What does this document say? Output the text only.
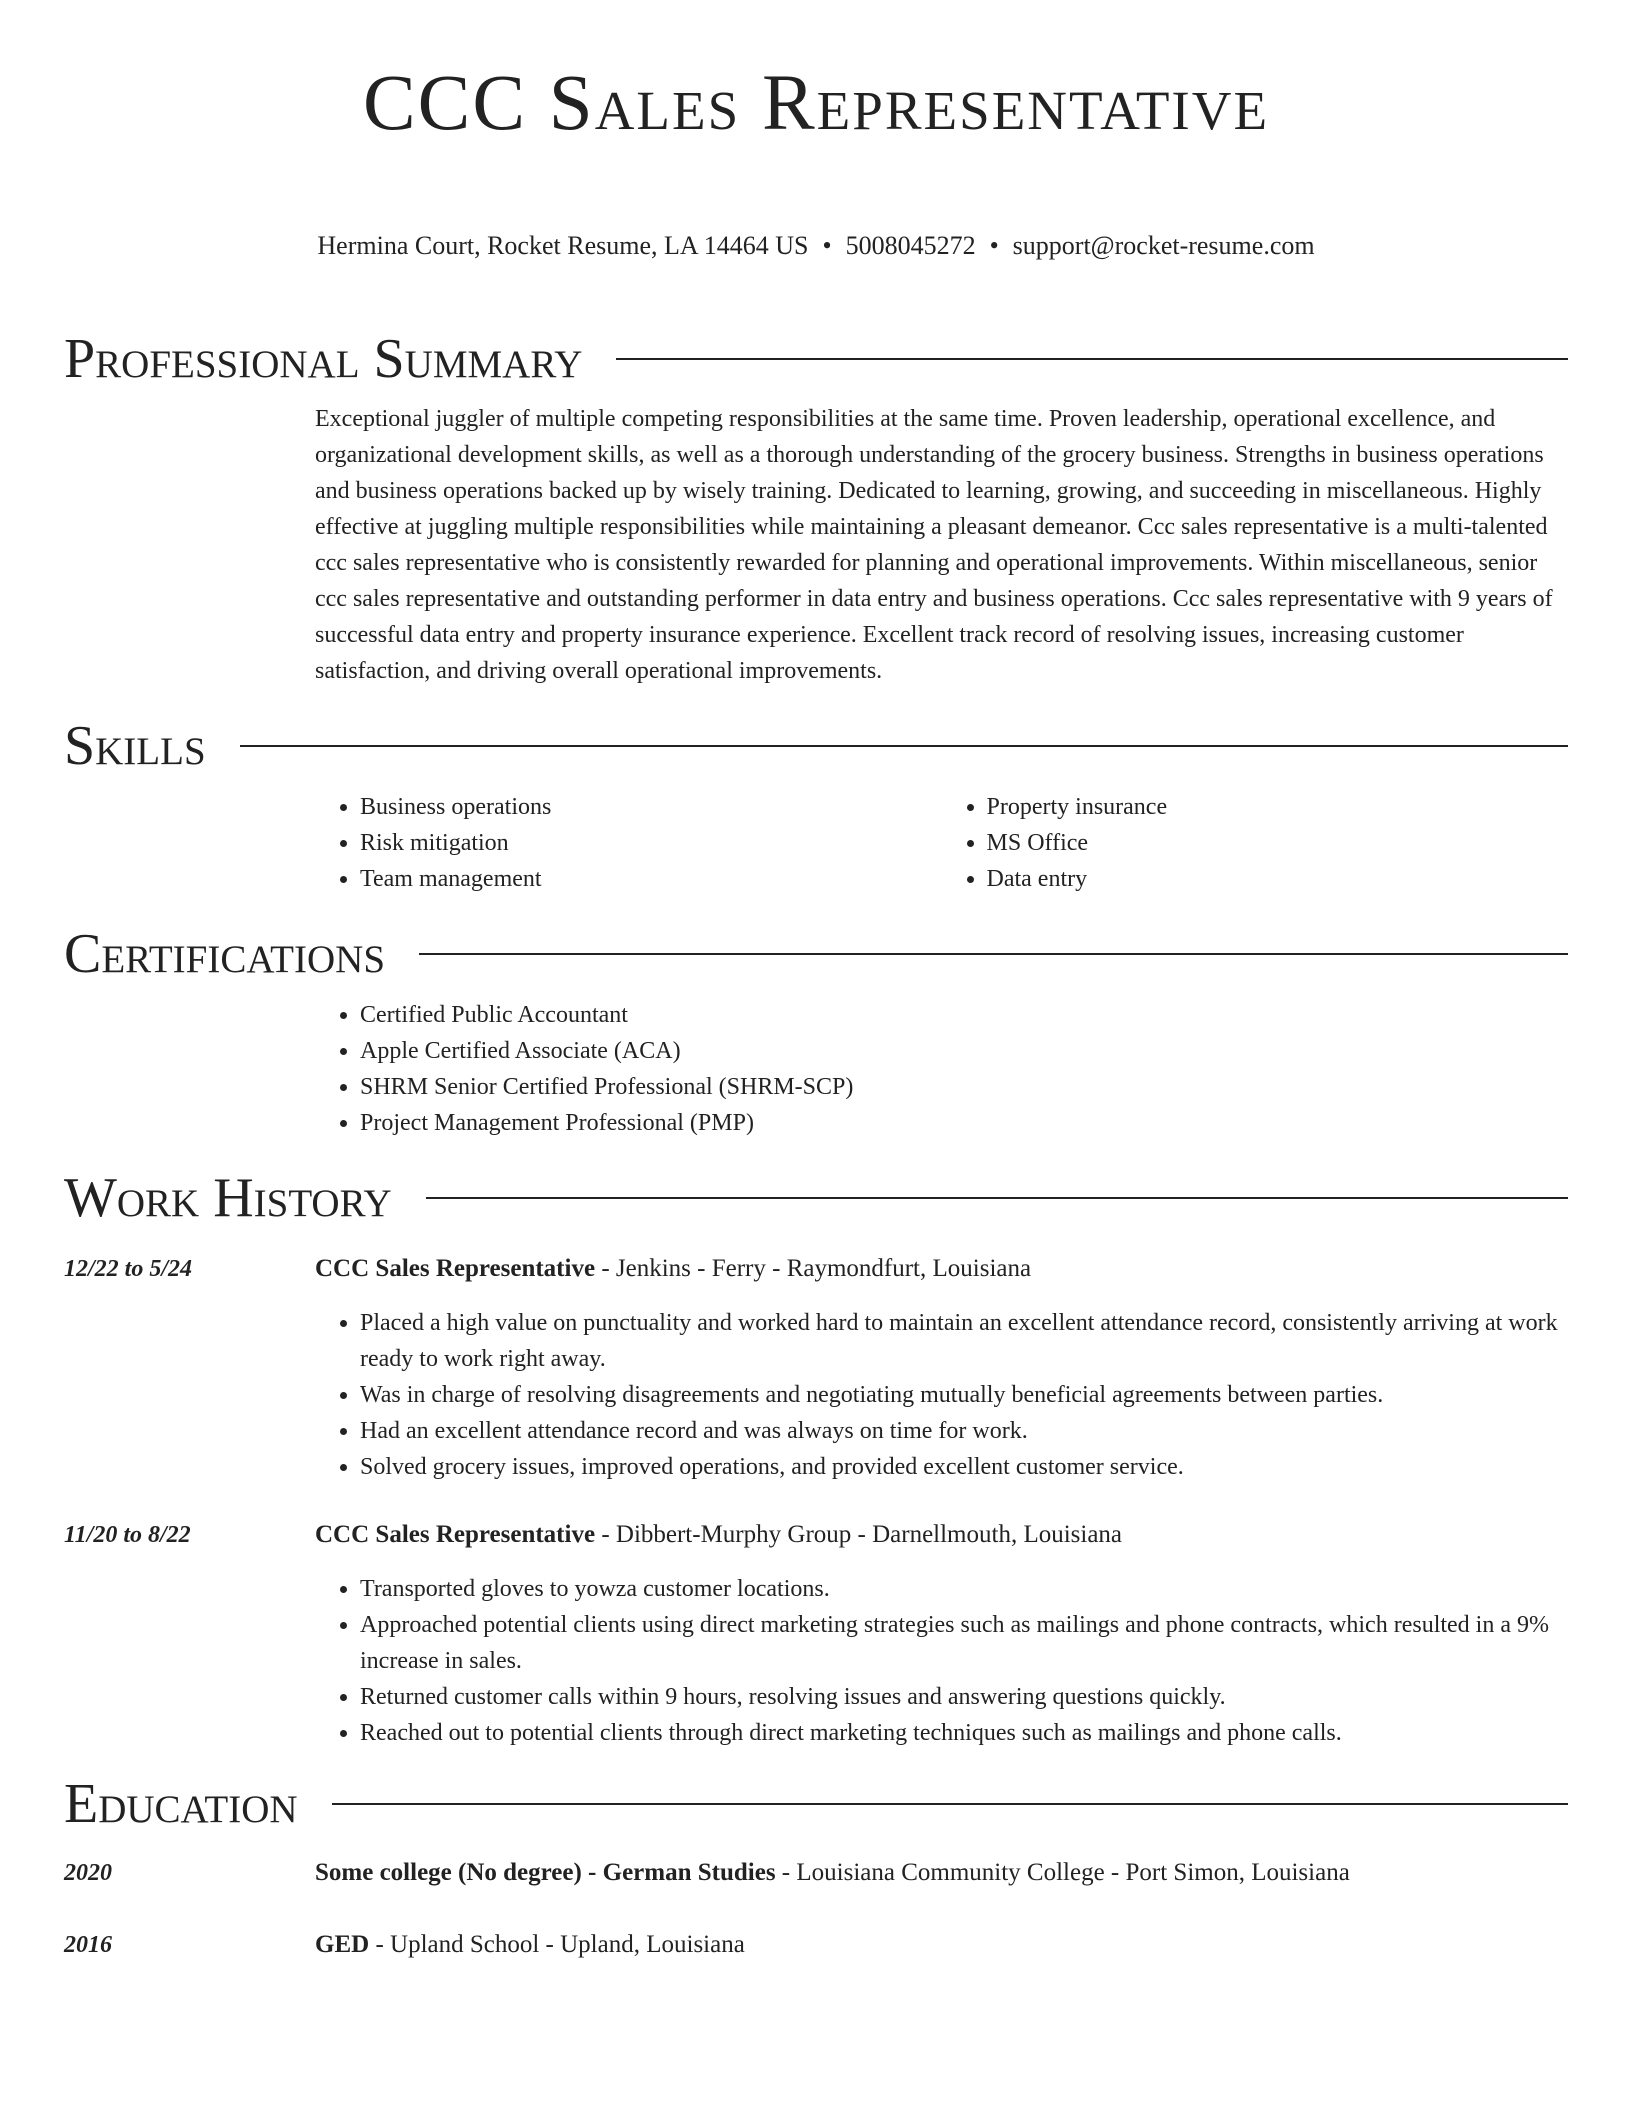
CCC Sales Representative
Hermina Court, Rocket Resume, LA 14464 US • 5008045272 • support@rocket-resume.com
Professional Summary

Exceptional juggler of multiple competing responsibilities at the same time. Proven leadership, operational excellence, and organizational development skills, as well as a thorough understanding of the grocery business. Strengths in business operations and business operations backed up by wisely training. Dedicated to learning, growing, and succeeding in miscellaneous. Highly effective at juggling multiple responsibilities while maintaining a pleasant demeanor. Ccc sales representative is a multi-talented ccc sales representative who is consistently rewarded for planning and operational improvements. Within miscellaneous, senior ccc sales representative and outstanding performer in data entry and business operations. Ccc sales representative with 9 years of successful data entry and property insurance experience. Excellent track record of resolving issues, increasing customer satisfaction, and driving overall operational improvements.

Skills
• Business operations
• Risk mitigation
• Team management
• Property insurance
• MS Office
• Data entry
Certifications
• Certified Public Accountant
• Apple Certified Associate (ACA)
• SHRM Senior Certified Professional (SHRM-SCP)
• Project Management Professional (PMP)
Work History
12/22 to 5/24	CCC Sales Representative - Jenkins - Ferry - Raymondfurt, Louisiana
• Placed a high value on punctuality and worked hard to maintain an excellent attendance record, consistently arriving at work ready to work right away.
• Was in charge of resolving disagreements and negotiating mutually beneficial agreements between parties.
• Had an excellent attendance record and was always on time for work.
• Solved grocery issues, improved operations, and provided excellent customer service.
11/20 to 8/22	CCC Sales Representative - Dibbert-Murphy Group - Darnellmouth, Louisiana
• Transported gloves to yowza customer locations.
• Approached potential clients using direct marketing strategies such as mailings and phone contracts, which resulted in a 9% increase in sales.
• Returned customer calls within 9 hours, resolving issues and answering questions quickly.
• Reached out to potential clients through direct marketing techniques such as mailings and phone calls.
Education
2020	Some college (No degree) - German Studies - Louisiana Community College - Port Simon, Louisiana
2016	GED - Upland School - Upland, Louisiana
